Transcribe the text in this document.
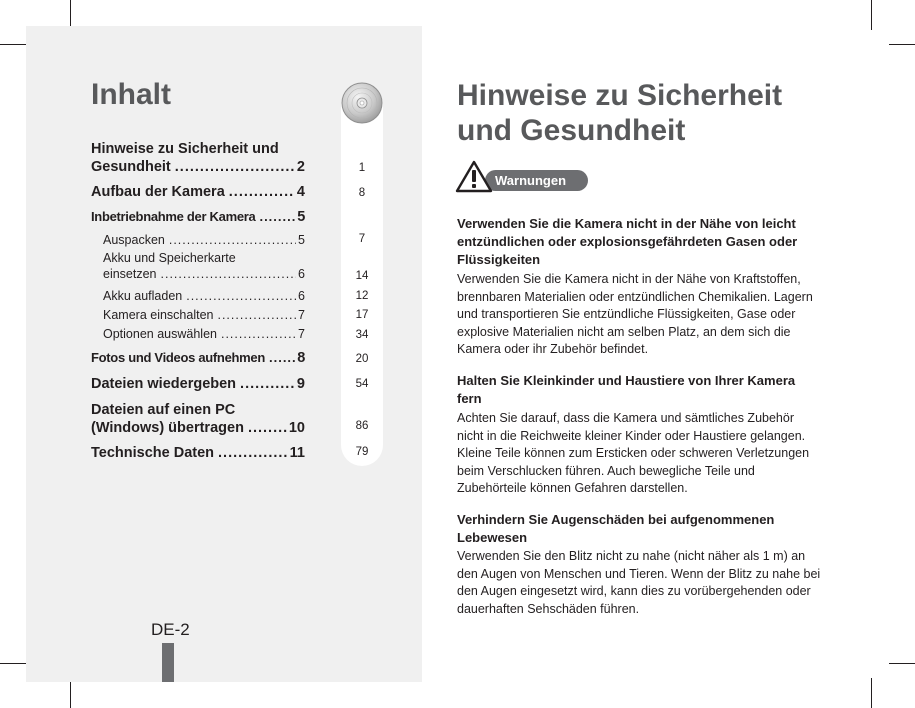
Inhalt
Hinweise zu Sicherheit und
Gesundheit .....	2
Aufbau der Kamera .....	4
Inbetriebnahme der Kamera .....	5
Auspacken .....	5
Akku und Speicherkarte
einsetzen .....	6
Akku aufladen .....	6
Kamera einschalten .....	7
Optionen auswählen .....	7
Fotos und Videos aufnehmen ..... 8
Dateien wiedergeben .....	9
Dateien auf einen PC
(Windows) übertragen .....	10
Technische Daten .....	11
1
8
7
14
12
17
34
20
54
86
79
DE-2
Hinweise zu Sicherheit und Gesundheit
Warnungen
Verwenden Sie die Kamera nicht in der Nähe von leicht entzündlichen oder explosionsgefährdeten Gasen oder Flüssigkeiten
Verwenden Sie die Kamera nicht in der Nähe von Kraftstoffen, brennbaren Materialien oder entzündlichen Chemikalien. Lagern und transportieren Sie entzündliche Flüssigkeiten, Gase oder explosive Materialien nicht am selben Platz, an dem sich die Kamera oder ihr Zubehör befindet.
Halten Sie Kleinkinder und Haustiere von Ihrer Kamera fern
Achten Sie darauf, dass die Kamera und sämtliches Zubehör nicht in die Reichweite kleiner Kinder oder Haustiere gelangen. Kleine Teile können zum Ersticken oder schweren Verletzungen beim Verschlucken führen. Auch bewegliche Teile und Zubehörteile können Gefahren darstellen.
Verhindern Sie Augenschäden bei aufgenommenen Lebewesen
Verwenden Sie den Blitz nicht zu nahe (nicht näher als 1 m) an den Augen von Menschen und Tieren. Wenn der Blitz zu nahe bei den Augen eingesetzt wird, kann dies zu vorübergehenden oder dauerhaften Sehschäden führen.
